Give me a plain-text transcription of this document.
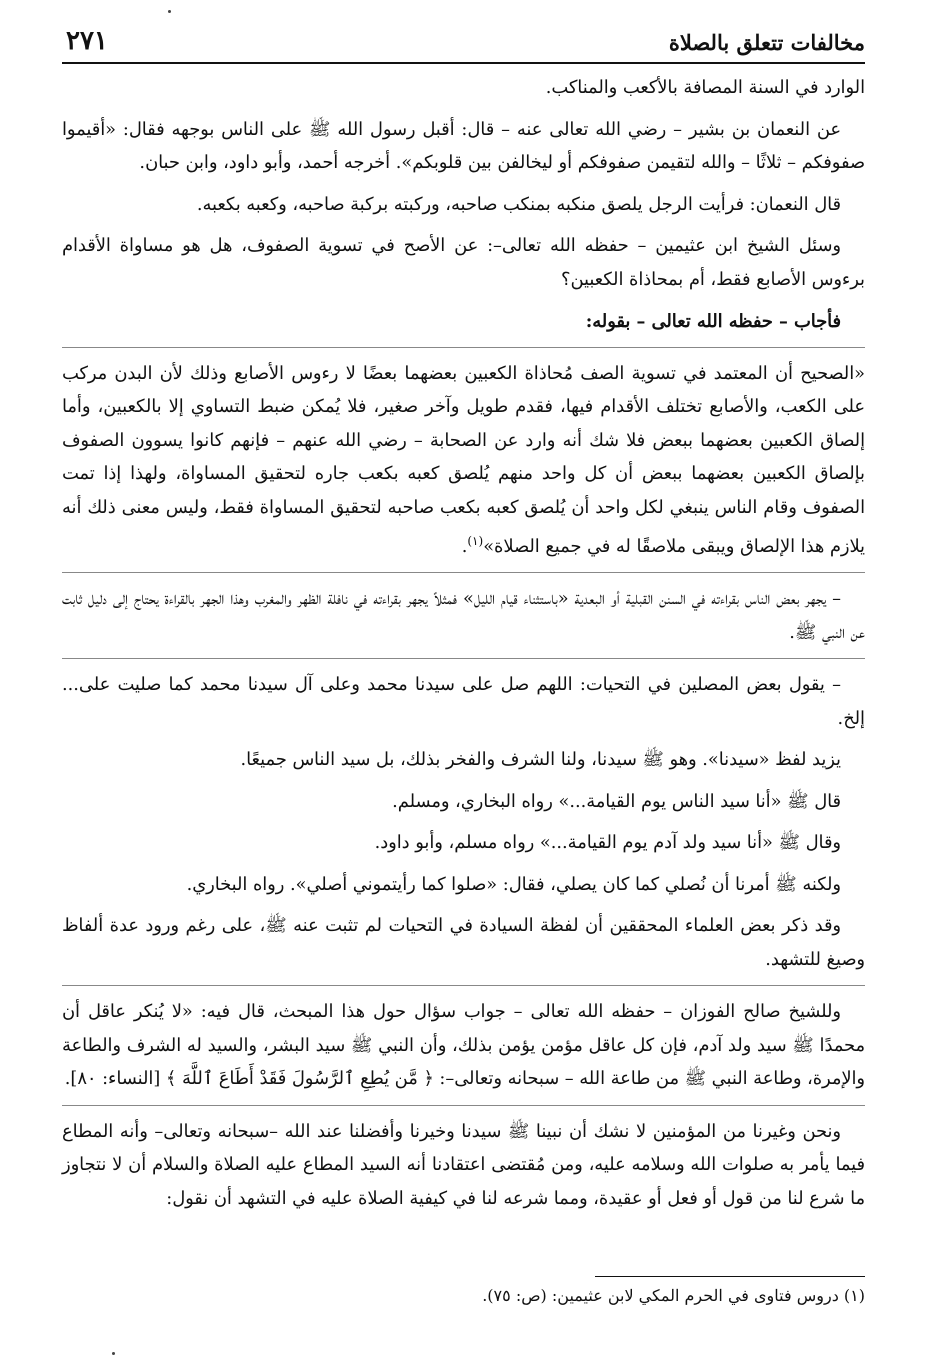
مخالفات تتعلق بالصلاة
٢٧١

الوارد في السنة المصافة بالأكعب والمناكب.

عن النعمان بن بشير – رضي الله تعالى عنه – قال: أقبل رسول الله ﷺ على الناس بوجهه فقال: «أقيموا صفوفكم – ثلاثًا – والله لتقيمن صفوفكم أو ليخالفن بين قلوبكم». أخرجه أحمد، وأبو داود، وابن حبان.

قال النعمان: فرأيت الرجل يلصق منكبه بمنكب صاحبه، وركبته بركبة صاحبه، وكعبه بكعبه.

وسئل الشيخ ابن عثيمين – حفظه الله تعالى–: عن الأصح في تسوية الصفوف، هل هو مساواة الأقدام برءوس الأصابع فقط، أم بمحاذاة الكعبين؟

فأجاب – حفظه الله تعالى – بقوله:

«الصحيح أن المعتمد في تسوية الصف مُحاذاة الكعبين بعضهما بعضًا لا رءوس الأصابع وذلك لأن البدن مركب على الكعب، والأصابع تختلف الأقدام فيها، فقدم طويل وآخر صغير، فلا يُمكن ضبط التساوي إلا بالكعبين، وأما إلصاق الكعبين بعضهما ببعض فلا شك أنه وارد عن الصحابة – رضي الله عنهم – فإنهم كانوا يسوون الصفوف بإلصاق الكعبين بعضهما ببعض أن كل واحد منهم يُلصق كعبه بكعب جاره لتحقيق المساواة، ولهذا إذا تمت الصفوف وقام الناس ينبغي لكل واحد أن يُلصق كعبه بكعب صاحبه لتحقيق المساواة فقط، وليس معنى ذلك أنه يلازم هذا الإلصاق ويبقى ملاصقًا له في جميع الصلاة»$^{(١)}$.

– يجهر بعض الناس بقراءته في السنن القبلية أو البعدية «باستثناء قيام الليل» فمثلاً يجهر بقراءته في نافلة الظهر والمغرب وهذا الجهر بالقراءة يحتاج إلى دليل ثابت عن النبي ﷺ.

– يقول بعض المصلين في التحيات: اللهم صل على سيدنا محمد وعلى آل سيدنا محمد كما صليت على... إلخ.

يزيد لفظ «سيدنا». وهو ﷺ سيدنا، ولنا الشرف والفخر بذلك، بل سيد الناس جميعًا.

قال ﷺ «أنا سيد الناس يوم القيامة...» رواه البخاري، ومسلم.

وقال ﷺ «أنا سيد ولد آدم يوم القيامة...» رواه مسلم، وأبو داود.

ولكنه ﷺ أمرنا أن نُصلي كما كان يصلي، فقال: «صلوا كما رأيتموني أصلي». رواه البخاري.

وقد ذكر بعض العلماء المحققين أن لفظة السيادة في التحيات لم تثبت عنه ﷺ، على رغم ورود عدة ألفاظ وصيغ للتشهد.

وللشيخ صالح الفوزان – حفظه الله تعالى – جواب سؤال حول هذا المبحث، قال فيه: «لا يُنكر عاقل أن محمدًا ﷺ سيد ولد آدم، فإن كل عاقل مؤمن يؤمن بذلك، وأن النبي ﷺ سيد البشر، والسيد له الشرف والطاعة والإمرة، وطاعة النبي ﷺ من طاعة الله – سبحانه وتعالى–: ﴿ مَّن يُطِعِ ٱلرَّسُولَ فَقَدْ أَطَاعَ ٱللَّهَ ﴾ [النساء: ٨٠].

ونحن وغيرنا من المؤمنين لا نشك أن نبينا ﷺ سيدنا وخيرنا وأفضلنا عند الله –سبحانه وتعالى– وأنه المطاع فيما يأمر به صلوات الله وسلامه عليه، ومن مُقتضى اعتقادنا أنه السيد المطاع عليه الصلاة والسلام أن لا نتجاوز ما شرع لنا من قول أو فعل أو عقيدة، ومما شرعه لنا في كيفية الصلاة عليه في التشهد أن نقول:

(١) دروس فتاوى في الحرم المكي لابن عثيمين: (ص: ٧٥).
